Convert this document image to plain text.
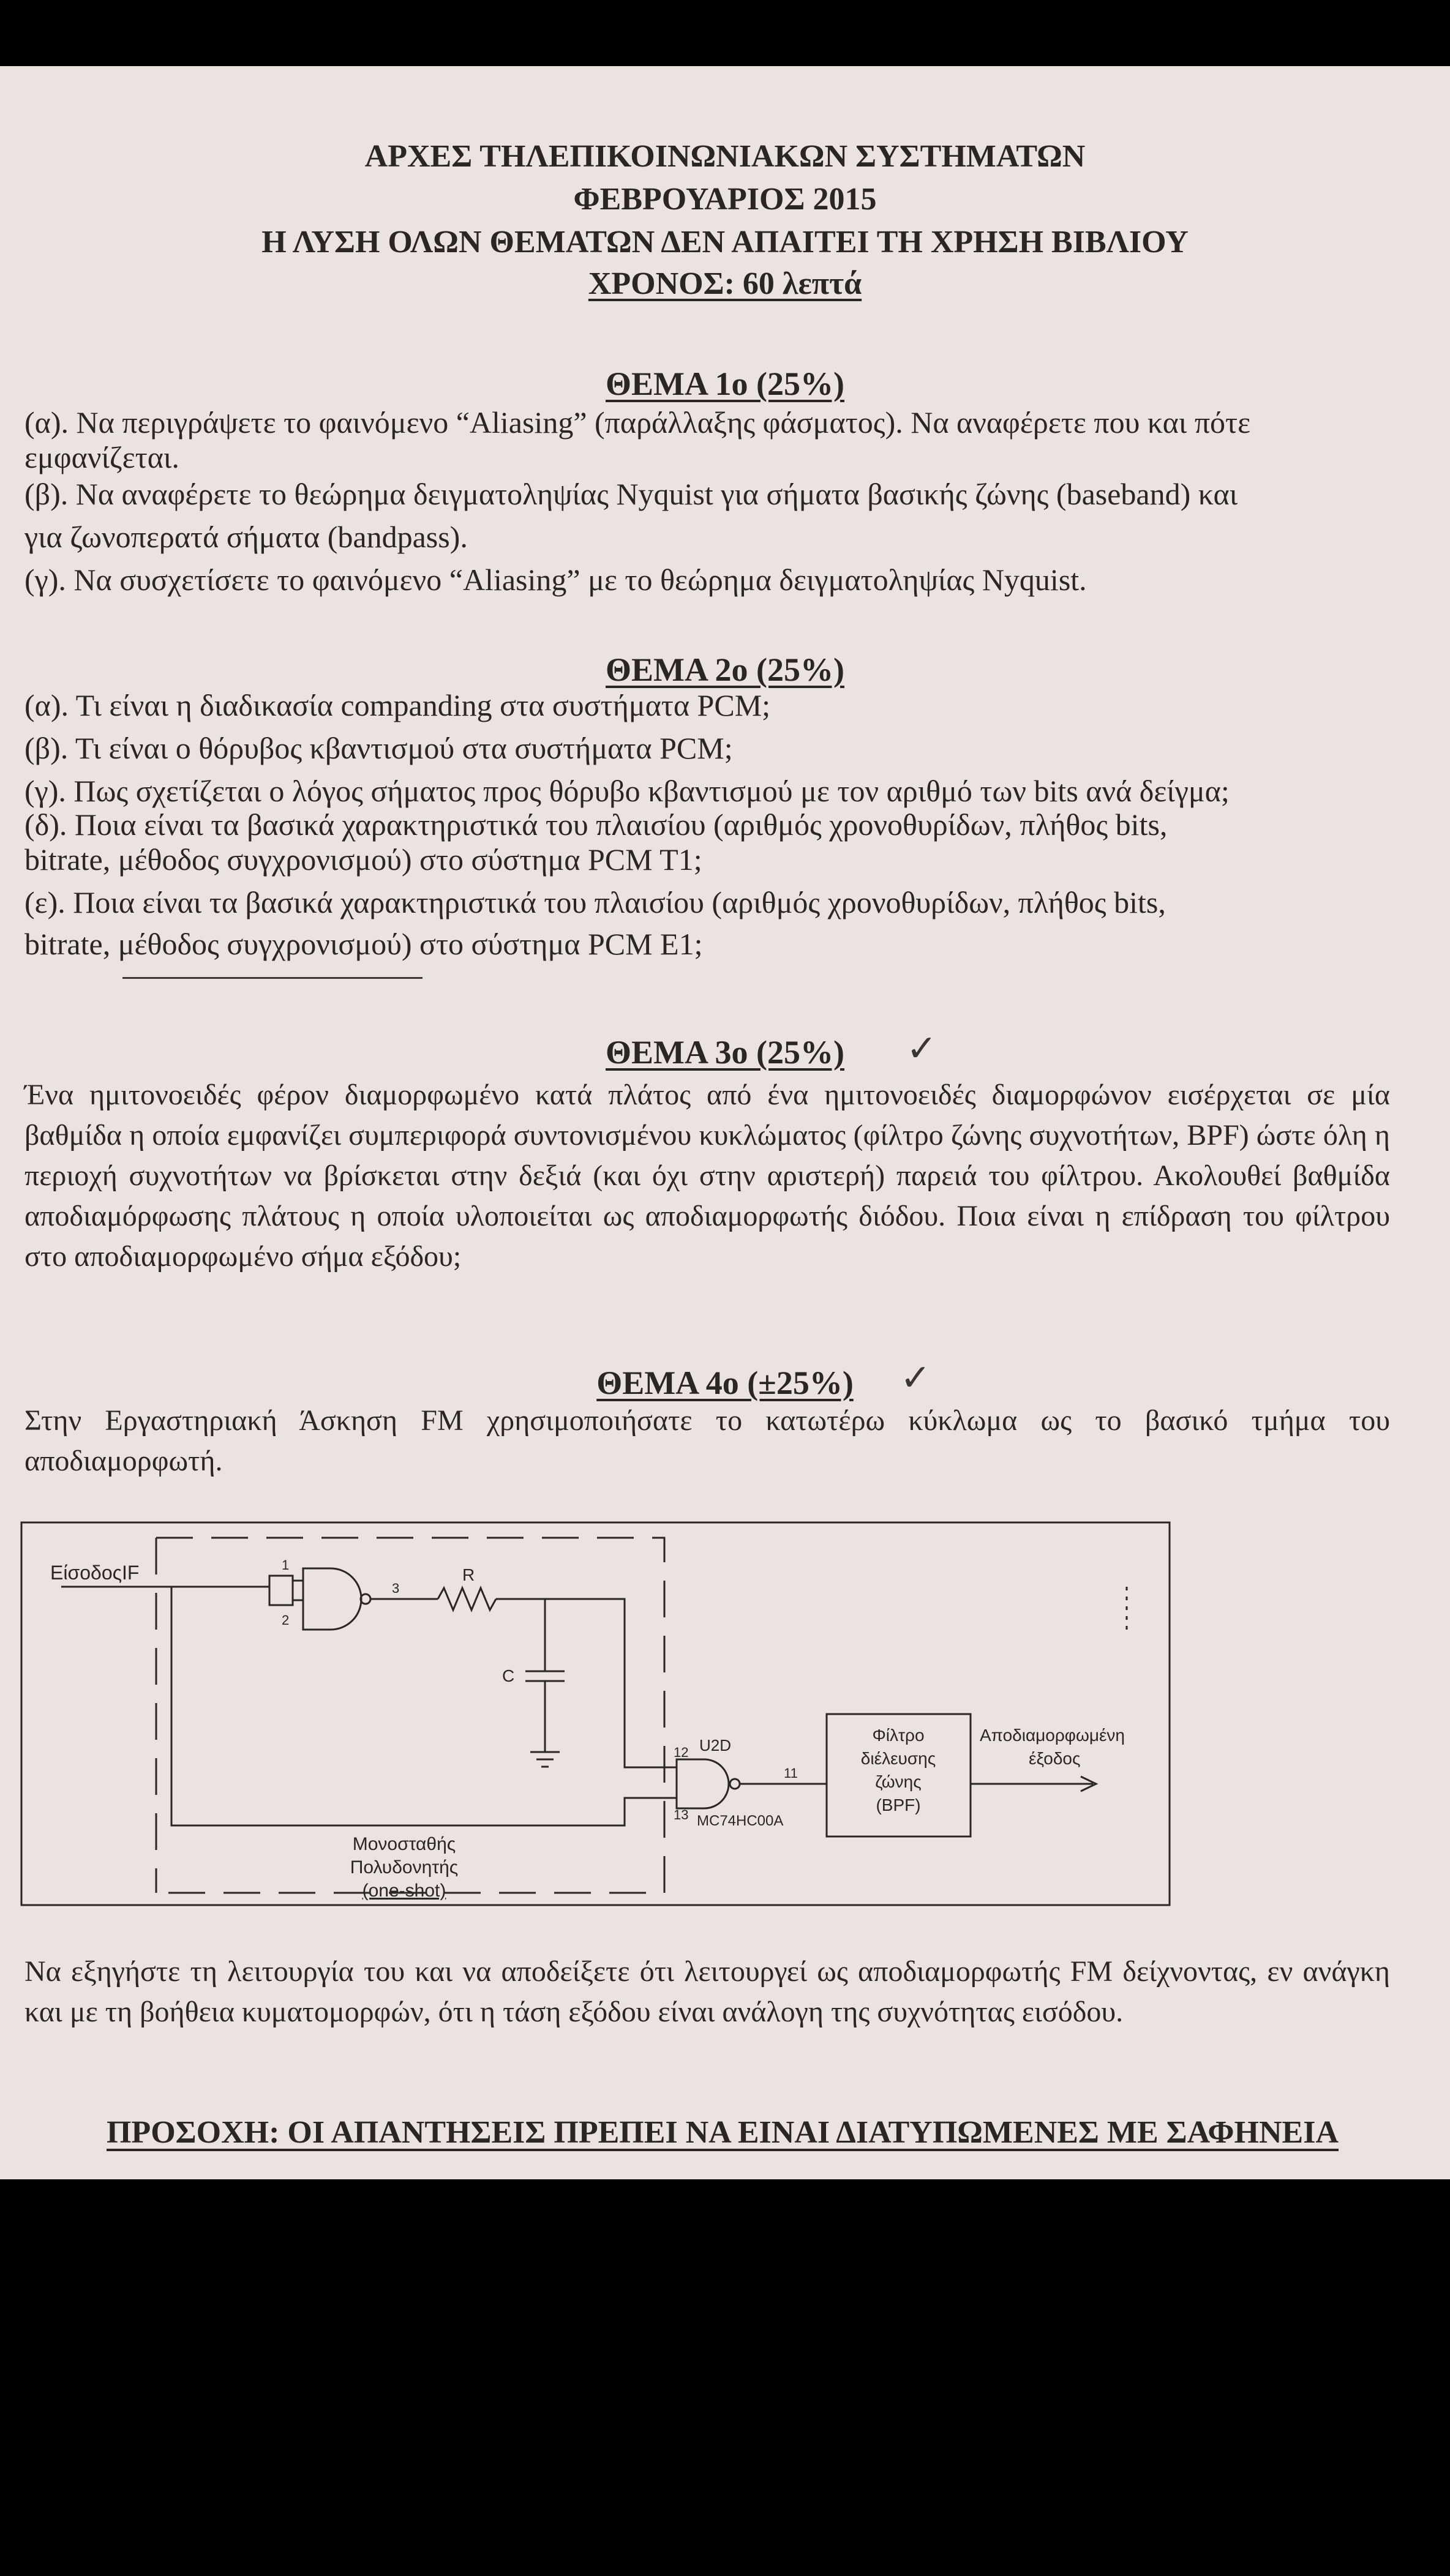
ΑΡΧΕΣ ΤΗΛΕΠΙΚΟΙΝΩΝΙΑΚΩΝ ΣΥΣΤΗΜΑΤΩΝ
ΦΕΒΡΟΥΑΡΙΟΣ 2015
Η ΛΥΣΗ ΟΛΩΝ ΘΕΜΑΤΩΝ ΔΕΝ ΑΠΑΙΤΕΙ ΤΗ ΧΡΗΣΗ ΒΙΒΛΙΟΥ
ΧΡΟΝΟΣ: 60 λεπτά
ΘΕΜΑ 1ο (25%)

(α). Να περιγράψετε το φαινόμενο “Aliasing” (παράλλαξης φάσματος). Να αναφέρετε που και πότε

εμφανίζεται.

(β). Να αναφέρετε το θεώρημα δειγματοληψίας Nyquist για σήματα βασικής ζώνης (baseband) και

για ζωνοπερατά σήματα (bandpass).

(γ). Να συσχετίσετε το φαινόμενο “Aliasing” με το θεώρημα δειγματοληψίας Nyquist.

ΘΕΜΑ 2ο (25%)

(α). Τι είναι η διαδικασία companding στα συστήματα PCM;

(β). Τι είναι ο θόρυβος κβαντισμού στα συστήματα PCM;

(γ). Πως σχετίζεται ο λόγος σήματος προς θόρυβο κβαντισμού με τον αριθμό των bits ανά δείγμα;

(δ). Ποια είναι τα βασικά χαρακτηριστικά του πλαισίου (αριθμός χρονοθυρίδων, πλήθος bits,

bitrate, μέθοδος συγχρονισμού) στο σύστημα PCM T1;

(ε). Ποια είναι τα βασικά χαρακτηριστικά του πλαισίου (αριθμός χρονοθυρίδων, πλήθος bits,

bitrate, μέθοδος συγχρονισμού) στο σύστημα PCM E1;

ΘΕΜΑ 3ο (25%)	✓

Ένα ημιτονοειδές φέρον διαμορφωμένο κατά πλάτος από ένα ημιτονοειδές διαμορφώνον εισέρχεται σε μία βαθμίδα η οποία εμφανίζει συμπεριφορά συντονισμένου κυκλώματος (φίλτρο ζώνης συχνοτήτων, BPF) ώστε όλη η περιοχή συχνοτήτων να βρίσκεται στην δεξιά (και όχι στην αριστερή) παρειά του φίλτρου. Ακολουθεί βαθμίδα αποδιαμόρφωσης πλάτους η οποία υλοποιείται ως αποδιαμορφωτής διόδου. Ποια είναι η επίδραση του φίλτρου στο αποδιαμορφωμένο σήμα εξόδου;

ΘΕΜΑ 4ο (±25%)	✓

Στην Εργαστηριακή Άσκηση FM χρησιμοποιήσατε το κατωτέρω κύκλωμα ως το βασικό τμήμα του αποδιαμορφωτή.

ΕίσοδοςIF	1
2
3
R
C
U2D
12
13
11
MC74HC00A
Φίλτρο
διέλευσης
ζώνης
(BPF)
Αποδιαμορφωμένη
έξοδος
Μονοσταθής
Πολυδονητής
(one-shot)

Να εξηγήστε τη λειτουργία του και να αποδείξετε ότι λειτουργεί ως αποδιαμορφωτής FM δείχνοντας, εν ανάγκη και με τη βοήθεια κυματομορφών, ότι η τάση εξόδου είναι ανάλογη της συχνότητας εισόδου.

ΠΡΟΣΟΧΗ: ΟΙ ΑΠΑΝΤΗΣΕΙΣ ΠΡΕΠΕΙ ΝΑ ΕΙΝΑΙ ΔΙΑΤΥΠΩΜΕΝΕΣ ΜΕ ΣΑΦΗΝΕΙΑ
